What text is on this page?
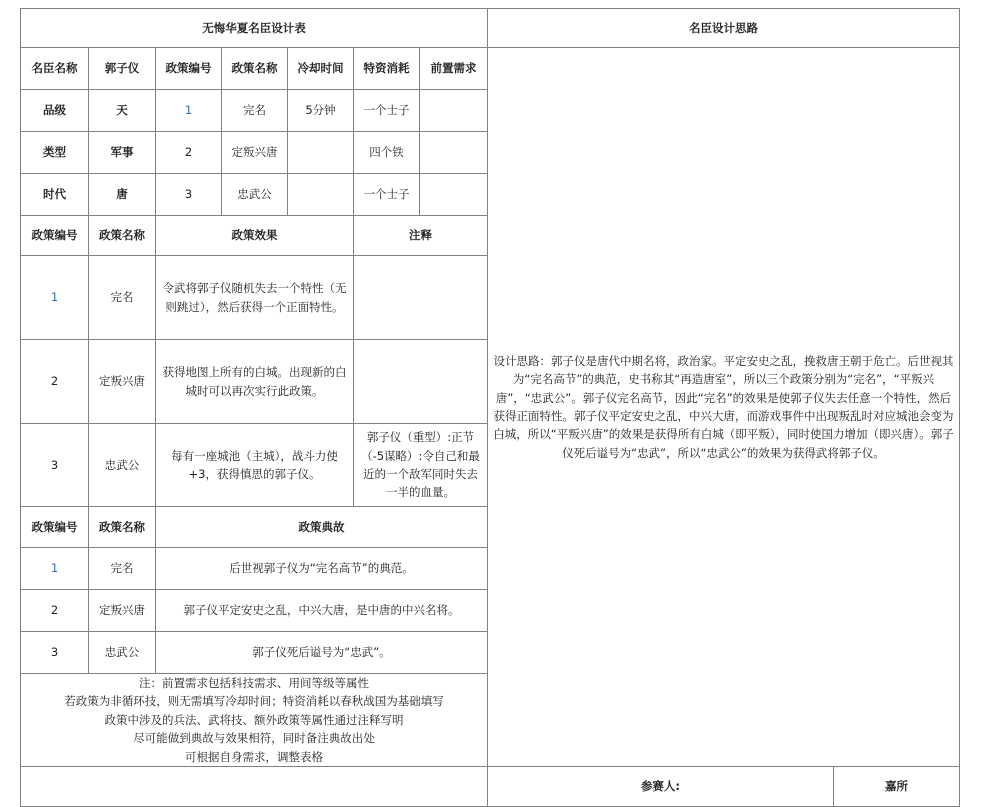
无悔华夏名臣设计表							名臣设计思路	
名臣名称	郭子仪	政策编号	政策名称	冷却时间	特资消耗	前置需求	设计思路：郭子仪是唐代中期名将，政治家。平定安史之乱，挽救唐王朝于危亡。后世视其为“完名高节”的典范，史书称其“再造唐室”，所以三个政策分别为“完名”，“平叛兴唐”，“忠武公”。郭子仪完名高节，因此“完名”的效果是使郭子仪失去任意一个特性，然后获得正面特性。郭子仪平定安史之乱，中兴大唐，而游戏事件中出现叛乱时对应城池会变为白城，所以“平叛兴唐”的效果是获得所有白城（即平叛），同时使国力增加（即兴唐）。郭子仪死后谥号为“忠武”，所以“忠武公”的效果为获得武将郭子仪。	
品级	天	1	完名	5分钟	一个士子			
类型	军事	2	定叛兴唐		四个铁			
时代	唐	3	忠武公		一个士子			
政策编号	政策名称	政策效果			注释			
1	完名	令武将郭子仪随机失去一个特性（无则跳过），然后获得一个正面特性。						
2	定叛兴唐	获得地图上所有的白城。出现新的白城时可以再次实行此政策。						
3	忠武公	每有一座城池（主城），战斗力使+3，获得慎思的郭子仪。			郭子仪（重型）:正节（-5谋略）:令自己和最近的一个敌军同时失去一半的血量。			
政策编号	政策名称	政策典故						
1	完名	后世视郭子仪为“完名高节”的典范。						
2	定叛兴唐	郭子仪平定安史之乱，中兴大唐，是中唐的中兴名将。						
3	忠武公	郭子仪死后谥号为“忠武”。						

注：前置需求包括科技需求、用间等级等属性
若政策为非循环技，则无需填写冷却时间；特资消耗以春秋战国为基础填写
政策中涉及的兵法、武将技、额外政策等属性通过注释写明
尽可能做到典故与效果相符，同时备注典故出处
可根据自身需求，调整表格								

							参赛人:	嘉所
